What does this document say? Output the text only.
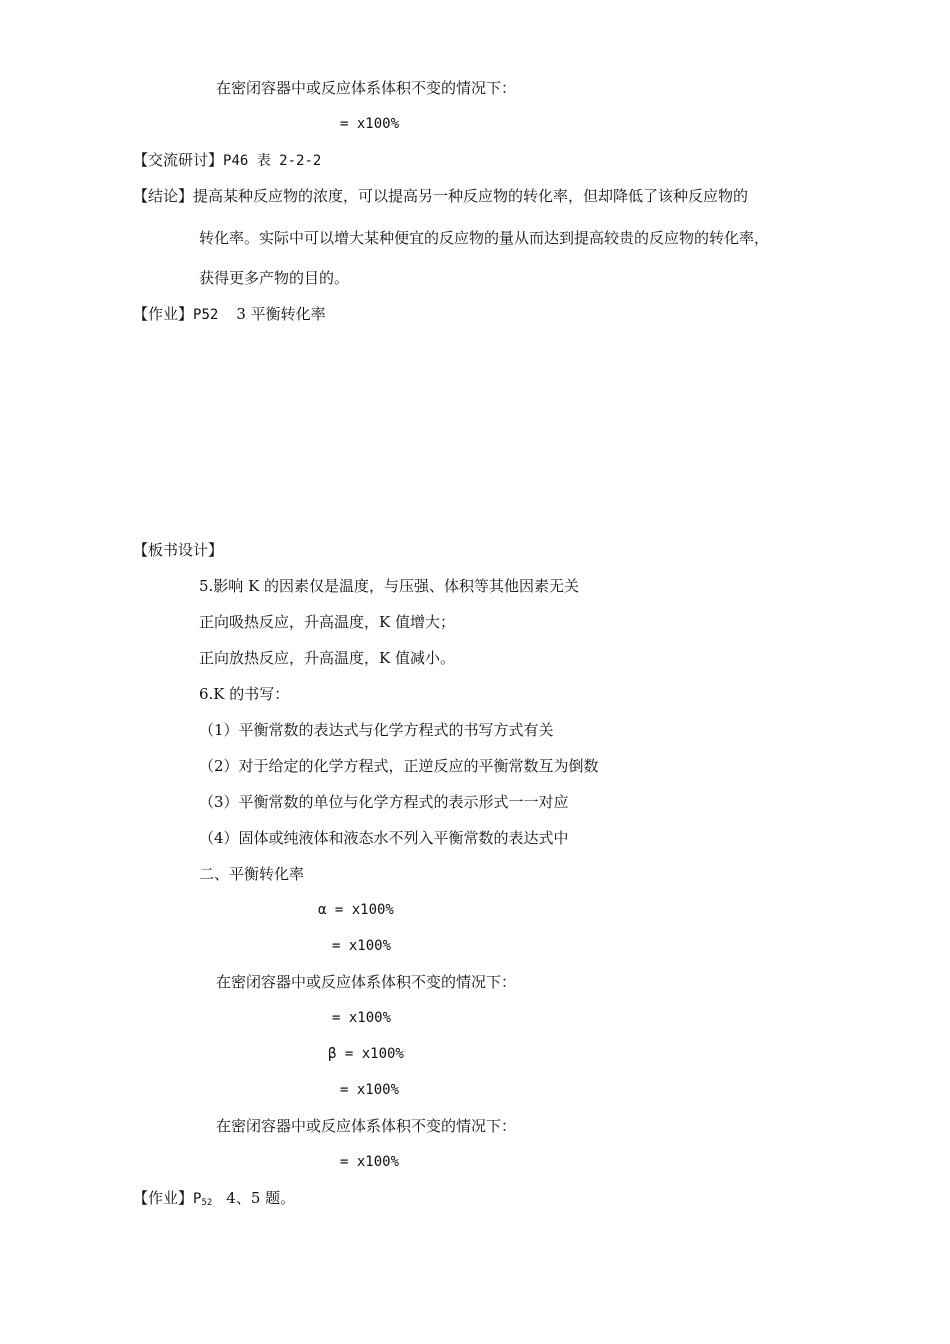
在密闭容器中或反应体系体积不变的情况下：
= x100%
【交流研讨】P46 表 2-2-2
【结论】提高某种反应物的浓度，可以提高另一种反应物的转化率，但却降低了该种反应物的
转化率。实际中可以增大某种便宜的反应物的量从而达到提高较贵的反应物的转化率，
获得更多产物的目的。
【作业】P52 3 平衡转化率
【板书设计】
5.影响 K 的因素仅是温度，与压强、体积等其他因素无关
正向吸热反应，升高温度，K 值增大；
正向放热反应，升高温度，K 值减小。
6.K 的书写：
（1）平衡常数的表达式与化学方程式的书写方式有关
（2）对于给定的化学方程式，正逆反应的平衡常数互为倒数
（3）平衡常数的单位与化学方程式的表示形式一一对应
（4）固体或纯液体和液态水不列入平衡常数的表达式中
二、平衡转化率
α = x100%
= x100%
在密闭容器中或反应体系体积不变的情况下：
= x100%
β = x100%
= x100%
在密闭容器中或反应体系体积不变的情况下：
= x100%
【作业】$P_{52}$ 4、5 题。
